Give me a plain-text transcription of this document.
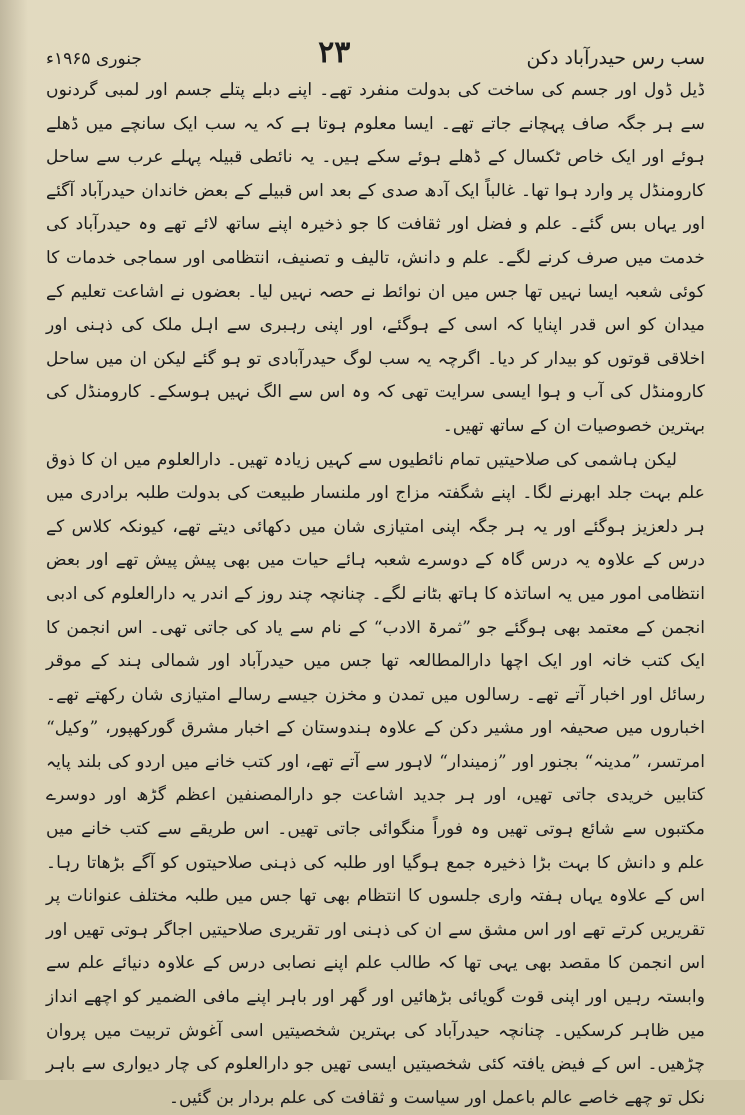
سب رس حیدرآباد دکن
۲۳
جنوری ۱۹۶۵ء

ڈیل ڈول اور جسم کی ساخت کی بدولت منفرد تھے۔ اپنے دبلے پتلے جسم اور لمبی گردنوں سے ہر جگہ صاف پہچانے جاتے تھے۔ ایسا معلوم ہوتا ہے کہ یہ سب ایک سانچے میں ڈھلے ہوئے اور ایک خاص ٹکسال کے ڈھلے ہوئے سکے ہیں۔ یہ نائطی قبیلہ پہلے عرب سے ساحل کارومنڈل پر وارد ہوا تھا۔ غالباً ایک آدھ صدی کے بعد اس قبیلے کے بعض خاندان حیدرآباد آگئے اور یہاں بس گئے۔ علم و فضل اور ثقافت کا جو ذخیرہ اپنے ساتھ لائے تھے وہ حیدرآباد کی خدمت میں صرف کرنے لگے۔ علم و دانش، تالیف و تصنیف، انتظامی اور سماجی خدمات کا کوئی شعبہ ایسا نہیں تھا جس میں ان نوائط نے حصہ نہیں لیا۔ بعضوں نے اشاعت تعلیم کے میدان کو اس قدر اپنایا کہ اسی کے ہوگئے، اور اپنی رہبری سے اہل ملک کی ذہنی اور اخلاقی قوتوں کو بیدار کر دیا۔ اگرچہ یہ سب لوگ حیدرآبادی تو ہو گئے لیکن ان میں ساحل کارومنڈل کی آب و ہوا ایسی سرایت تھی کہ وہ اس سے الگ نہیں ہوسکے۔ کارومنڈل کی بہترین خصوصیات ان کے ساتھ تھیں۔

لیکن ہاشمی کی صلاحیتیں تمام نائطیوں سے کہیں زیادہ تھیں۔ دارالعلوم میں ان کا ذوق علم بہت جلد ابھرنے لگا۔ اپنے شگفتہ مزاج اور ملنسار طبیعت کی بدولت طلبہ برادری میں ہر دلعزیز ہوگئے اور یہ ہر جگہ اپنی امتیازی شان میں دکھائی دیتے تھے، کیونکہ کلاس کے درس کے علاوہ یہ درس گاہ کے دوسرے شعبہ ہائے حیات میں بھی پیش پیش تھے اور بعض انتظامی امور میں یہ اساتذہ کا ہاتھ بٹانے لگے۔ چنانچہ چند روز کے اندر یہ دارالعلوم کی ادبی انجمن کے معتمد بھی ہوگئے جو ”ثمرۃ الادب“ کے نام سے یاد کی جاتی تھی۔ اس انجمن کا ایک کتب خانہ اور ایک اچھا دارالمطالعہ تھا جس میں حیدرآباد اور شمالی ہند کے موقر رسائل اور اخبار آتے تھے۔ رسالوں میں تمدن و مخزن جیسے رسالے امتیازی شان رکھتے تھے۔ اخباروں میں صحیفہ اور مشیر دکن کے علاوہ ہندوستان کے اخبار مشرق گورکھپور، ”وکیل“ امرتسر، ”مدینہ“ بجنور اور ”زمیندار“ لاہور سے آتے تھے، اور کتب خانے میں اردو کی بلند پایہ کتابیں خریدی جاتی تھیں، اور ہر جدید اشاعت جو دارالمصنفین اعظم گڑھ اور دوسرے مکتبوں سے شائع ہوتی تھیں وہ فوراً منگوائی جاتی تھیں۔ اس طریقے سے کتب خانے میں علم و دانش کا بہت بڑا ذخیرہ جمع ہوگیا اور طلبہ کی ذہنی صلاحیتوں کو آگے بڑھاتا رہا۔ اس کے علاوہ یہاں ہفتہ واری جلسوں کا انتظام بھی تھا جس میں طلبہ مختلف عنوانات پر تقریریں کرتے تھے اور اس مشق سے ان کی ذہنی اور تقریری صلاحیتیں اجاگر ہوتی تھیں اور اس انجمن کا مقصد بھی یہی تھا کہ طالب علم اپنے نصابی درس کے علاوہ دنیائے علم سے وابستہ رہیں اور اپنی قوت گویائی بڑھائیں اور گھر اور باہر اپنے مافی الضمیر کو اچھے انداز میں ظاہر کرسکیں۔ چنانچہ حیدرآباد کی بہترین شخصیتیں اسی آغوش تربیت میں پروان چڑھیں۔ اس کے فیض یافتہ کئی شخصیتیں ایسی تھیں جو دارالعلوم کی چار دیواری سے باہر نکل تو چھے خاصے عالم باعمل اور سیاست و ثقافت کی علم بردار بن گئیں۔
